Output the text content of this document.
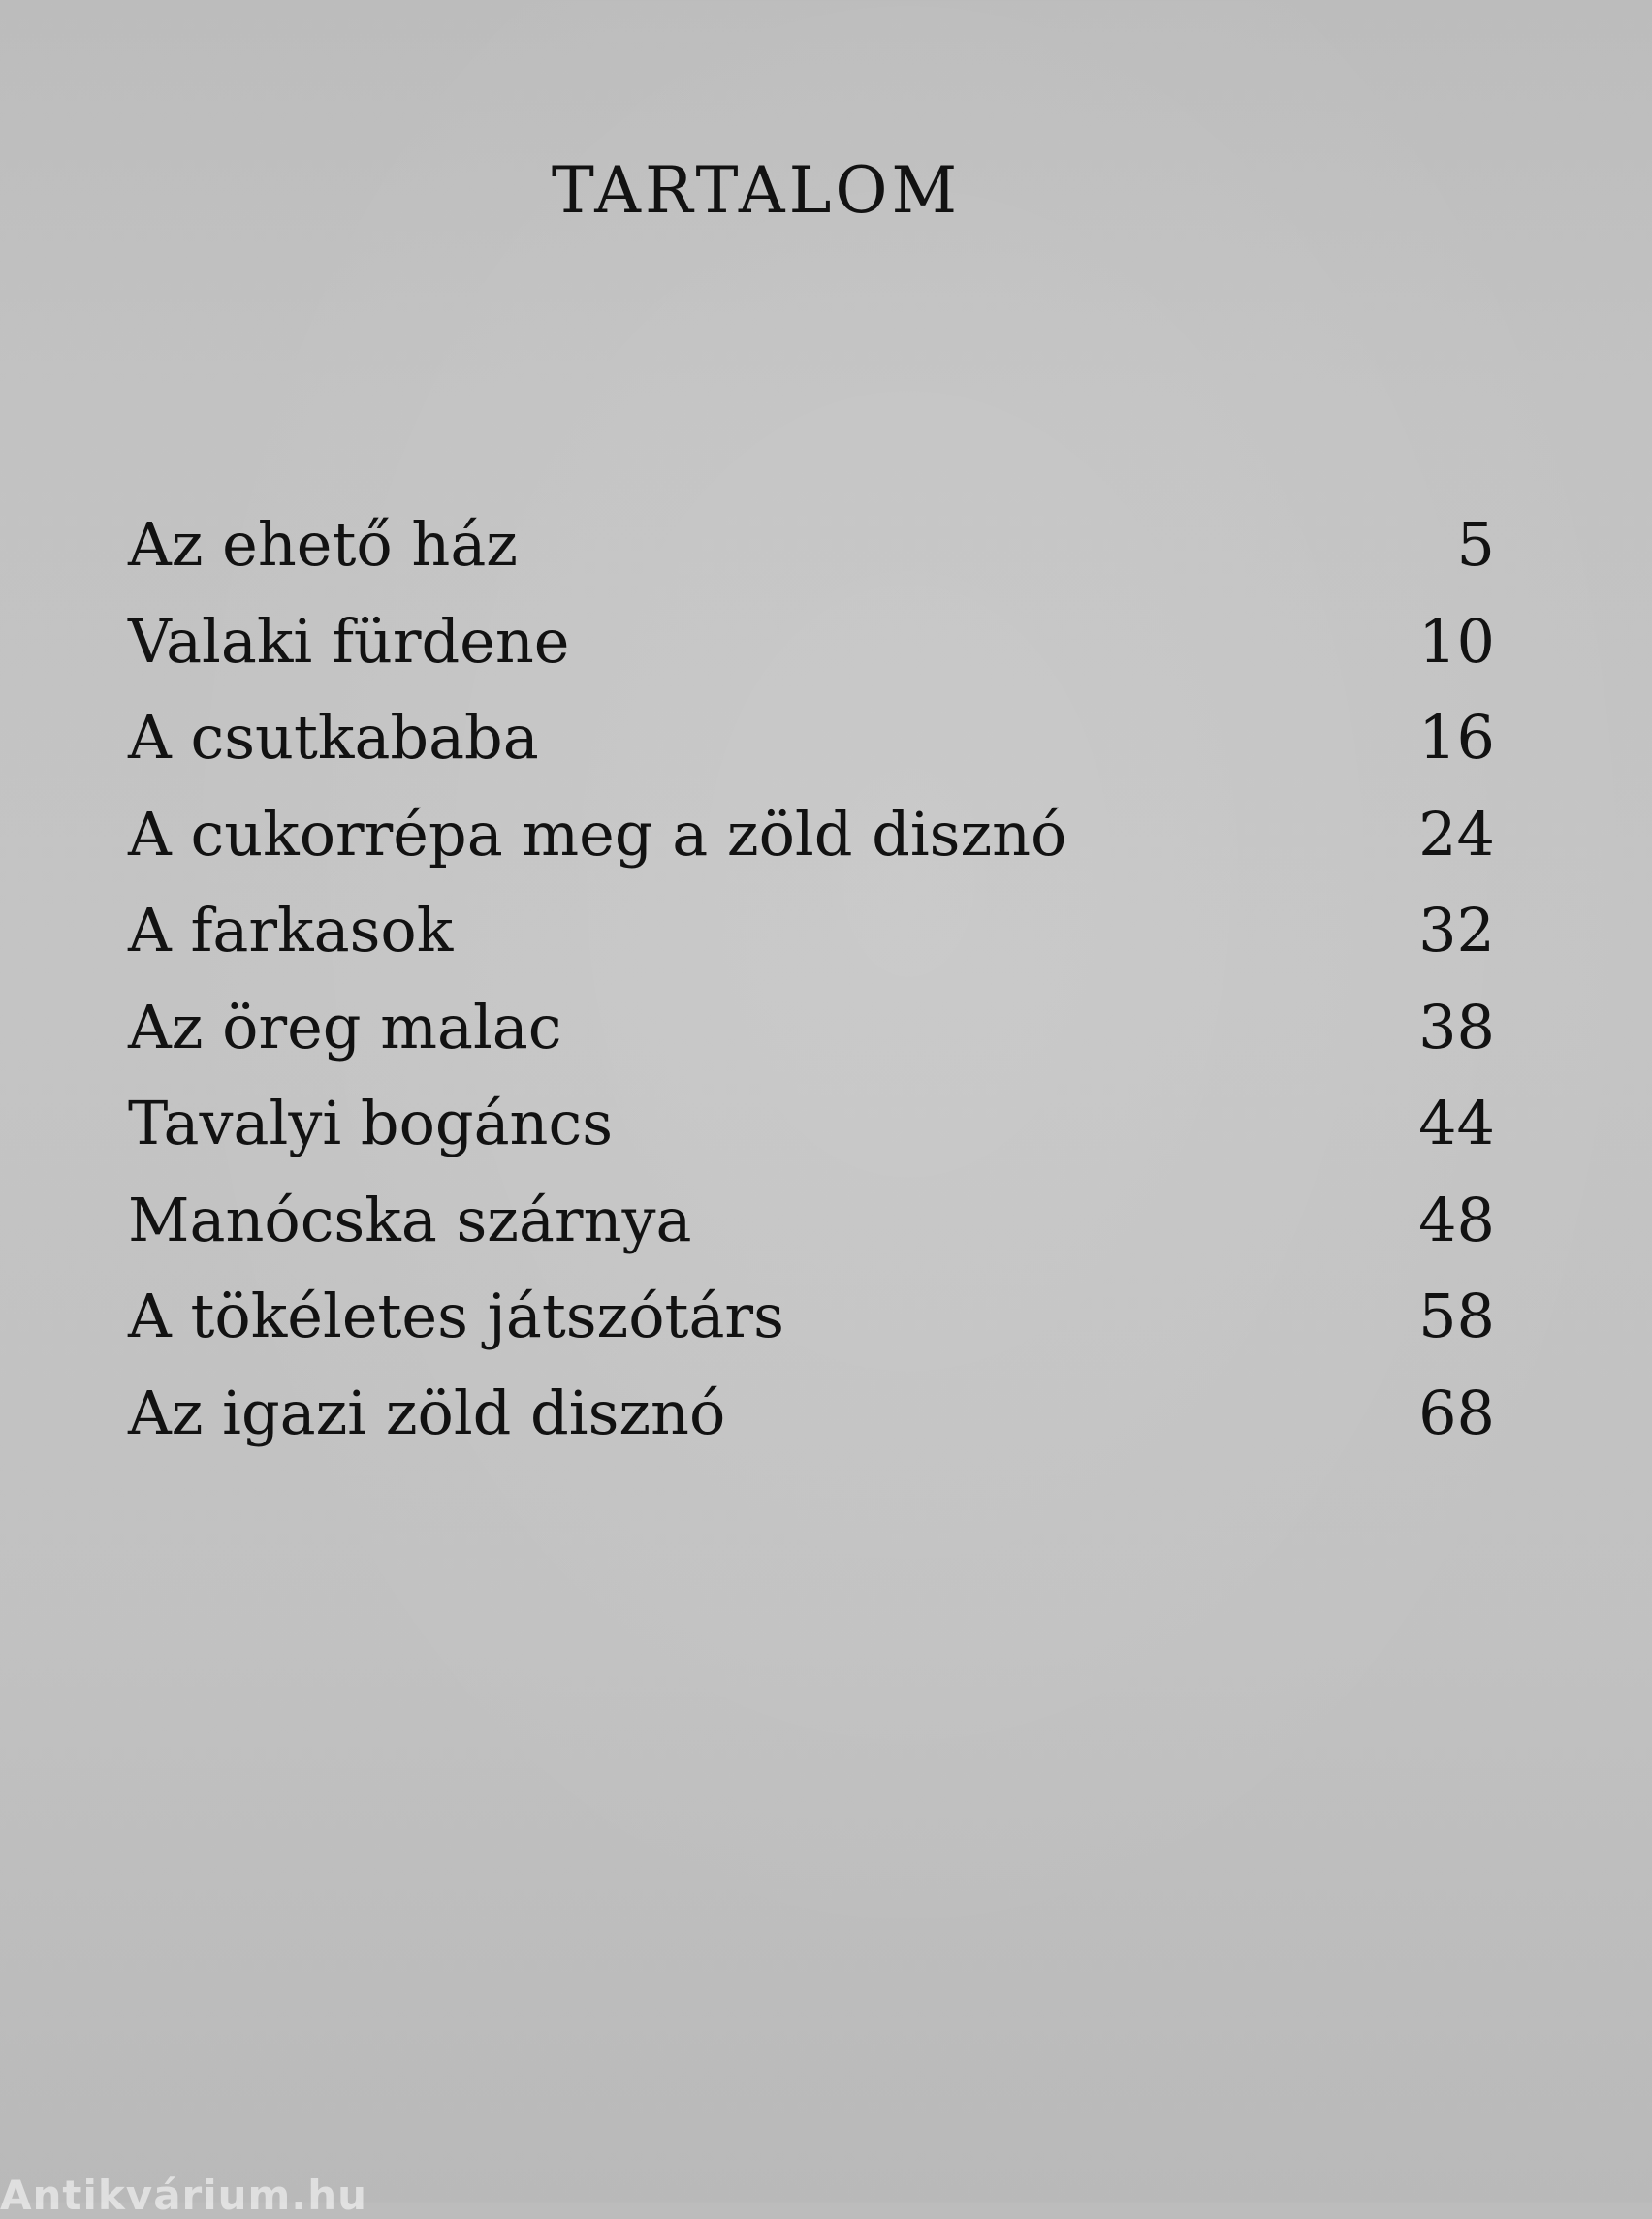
TARTALOM
Az ehető ház	5
Valaki fürdene	10
A csutkababa	16
A cukorrépa meg a zöld disznó	24
A farkasok	32
Az öreg malac	38
Tavalyi bogáncs	44
Manócska szárnya	48
A tökéletes játszótárs	58
Az igazi zöld disznó	68
Antikvárium.hu
